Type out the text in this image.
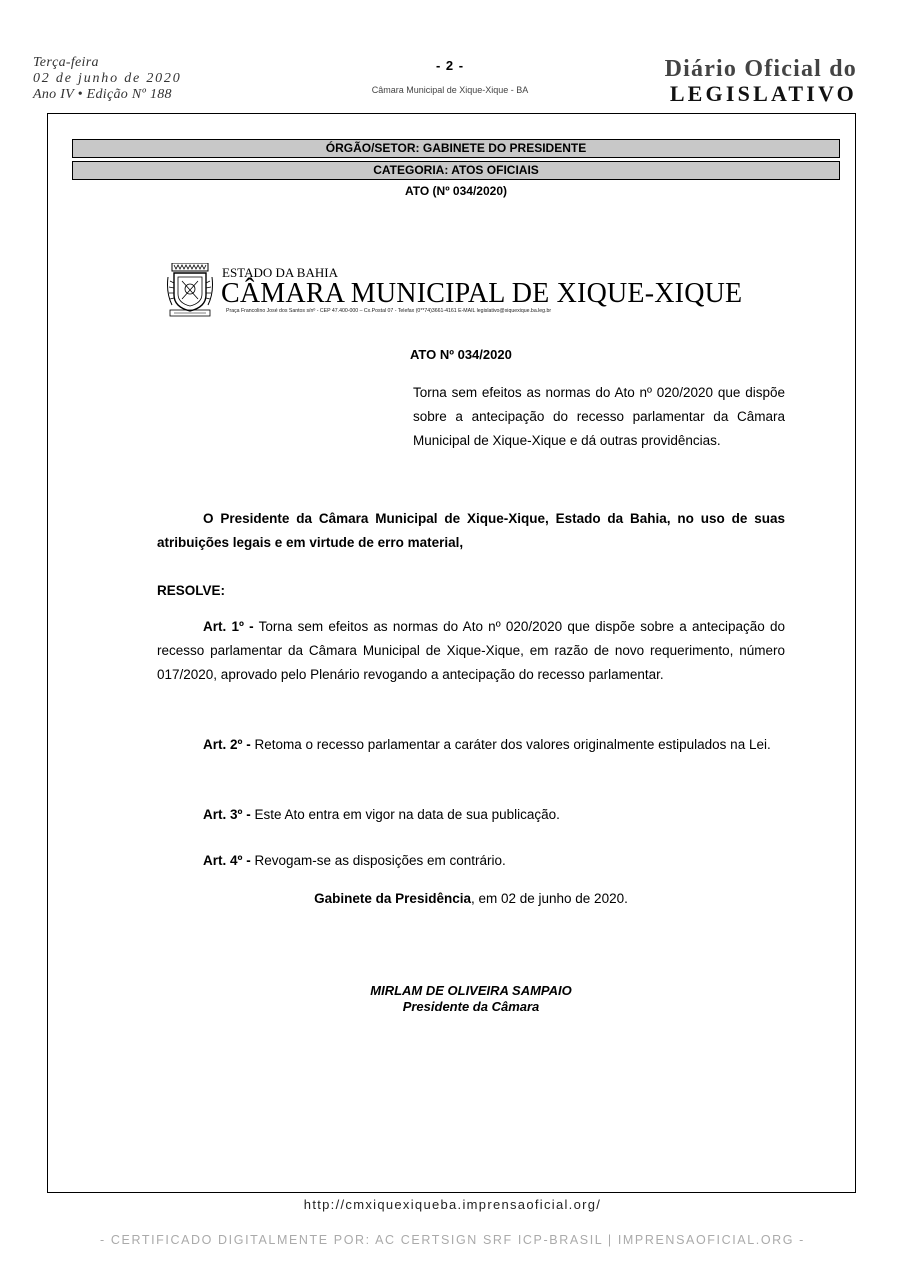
Terça-feira
02 de junho de 2020
Ano IV • Edição Nº 188
- 2 -
Câmara Municipal de Xique-Xique - BA
Diário Oficial do
LEGISLATIVO
ÓRGÃO/SETOR: GABINETE DO PRESIDENTE
CATEGORIA: ATOS OFICIAIS
ATO (Nº 034/2020)
ESTADO DA BAHIA
CÂMARA MUNICIPAL DE XIQUE-XIQUE
Praça Francolino José dos Santos s/nº - CEP 47.400-000 – Cx.Postal 07 - Telefax (0**74)3661-4161 E-MAIL legislativo@xiquexique.ba.leg.br
ATO Nº 034/2020
Torna sem efeitos as normas do Ato nº 020/2020 que dispõe sobre a antecipação do recesso parlamentar da Câmara Municipal de Xique-Xique e dá outras providências.
O Presidente da Câmara Municipal de Xique-Xique, Estado da Bahia, no uso de suas atribuições legais e em virtude de erro material,
RESOLVE:
Art. 1º - Torna sem efeitos as normas do Ato nº 020/2020 que dispõe sobre a antecipação do recesso parlamentar da Câmara Municipal de Xique-Xique, em razão de novo requerimento, número 017/2020, aprovado pelo Plenário revogando a antecipação do recesso parlamentar.
Art. 2º - Retoma o recesso parlamentar a caráter dos valores originalmente estipulados na Lei.
Art. 3º - Este Ato entra em vigor na data de sua publicação.
Art. 4º - Revogam-se as disposições em contrário.
Gabinete da Presidência, em 02 de junho de 2020.
MIRLAM DE OLIVEIRA SAMPAIO
Presidente da Câmara
http://cmxiquexiqueba.imprensaoficial.org/
- CERTIFICADO DIGITALMENTE POR: AC CERTSIGN SRF ICP-BRASIL | IMPRENSAOFICIAL.ORG -
